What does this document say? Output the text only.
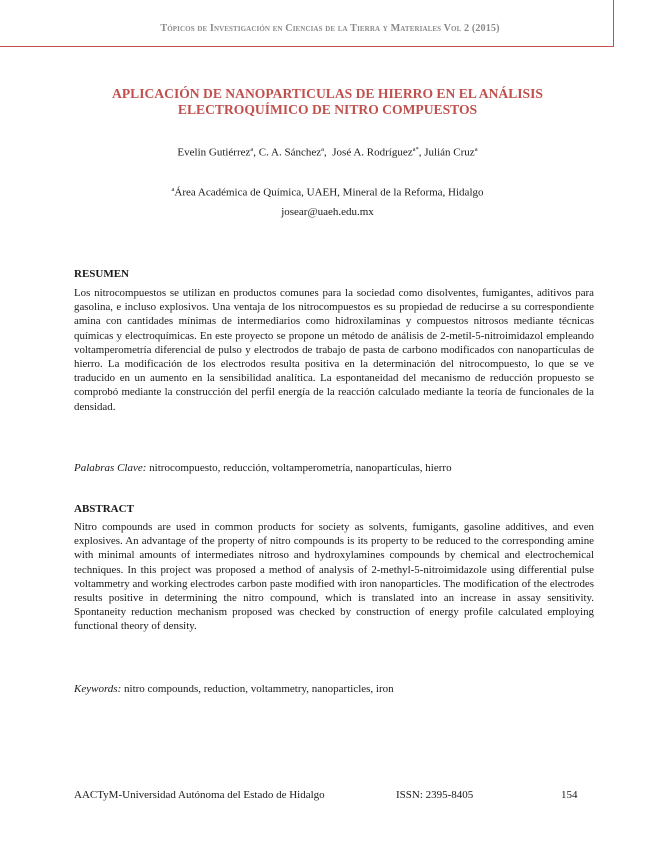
Tópicos de Investigación en Ciencias de la Tierra y Materiales Vol 2 (2015)
APLICACIÓN DE NANOPARTICULAS DE HIERRO EN EL ANÁLISIS
ELECTROQUÍMICO DE NITRO COMPUESTOS
Evelin Gutiérrez$^a$, C. A. Sánchez$^a$,  José A. Rodríguez$^{a*}$, Julián Cruz$^a$
$^a$Área Académica de Química, UAEH, Mineral de la Reforma, Hidalgo
josear@uaeh.edu.mx
RESUMEN

Los nitrocompuestos se utilizan en productos comunes para la sociedad como disolventes, fumigantes, aditivos para gasolina, e incluso explosivos. Una ventaja de los nitrocompuestos es su propiedad de reducirse a su correspondiente amina con cantidades mínimas de intermediarios como hidroxilaminas y compuestos nitrosos mediante técnicas químicas y electroquímicas. En este proyecto se propone un método de análisis de 2-metil-5-nitroimidazol empleando voltamperometría diferencial de pulso y electrodos de trabajo de pasta de carbono modificados con nanopartículas de hierro. La modificación de los electrodos resulta positiva en la determinación del nitrocompuesto, lo que se ve traducido en un aumento en la sensibilidad analítica. La espontaneidad del mecanismo de reducción propuesto se comprobó mediante la construcción del perfil energía de la reacción calculado mediante la teoría de funcionales de la densidad.

Palabras Clave: nitrocompuesto, reducción, voltamperometría, nanopartículas, hierro
ABSTRACT

Nitro compounds are used in common products for society as solvents, fumigants, gasoline additives, and even explosives. An advantage of the property of nitro compounds is its property to be reduced to the corresponding amine with minimal amounts of intermediates nitroso and hydroxylamines compounds by chemical and electrochemical techniques. In this project was proposed a method of analysis of 2-methyl-5-nitroimidazole using differential pulse voltammetry and working electrodes carbon paste modified with iron nanoparticles. The modification of the electrodes results positive in determining the nitro compound, which is translated into an increase in assay sensitivity. Spontaneity reduction mechanism proposed was checked by construction of energy profile calculated employing functional theory of density.

Keywords: nitro compounds, reduction, voltammetry, nanoparticles, iron
AACTyM-Universidad Autónoma del Estado de Hidalgo	ISSN: 2395-8405	154
